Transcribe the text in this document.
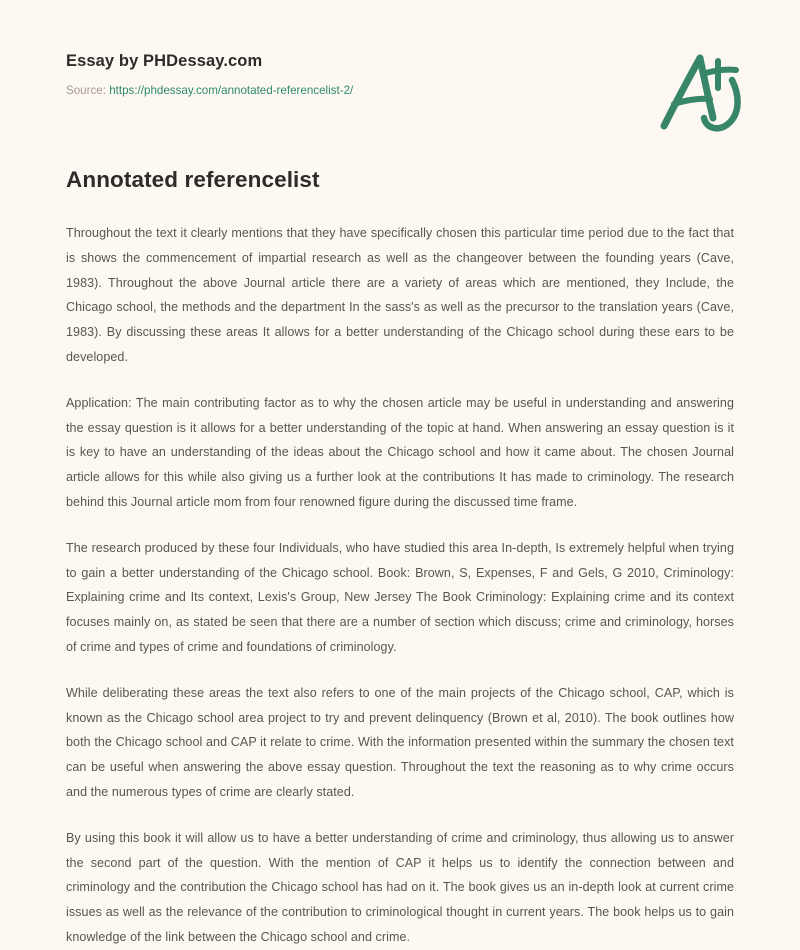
Essay by PHDessay.com
Source: https://phdessay.com/annotated-referencelist-2/
Annotated referencelist

Throughout the text it clearly mentions that they have specifically chosen this particular time period due to the fact that is shows the commencement of impartial research as well as the changeover between the founding years (Cave, 1983). Throughout the above Journal article there are a variety of areas which are mentioned, they Include, the Chicago school, the methods and the department In the sass's as well as the precursor to the translation years (Cave, 1983). By discussing these areas It allows for a better understanding of the Chicago school during these ears to be developed.

Application: The main contributing factor as to why the chosen article may be useful in understanding and answering the essay question is it allows for a better understanding of the topic at hand. When answering an essay question is it is key to have an understanding of the ideas about the Chicago school and how it came about. The chosen Journal article allows for this while also giving us a further look at the contributions It has made to criminology. The research behind this Journal article mom from four renowned figure during the discussed time frame.

The research produced by these four Individuals, who have studied this area In-depth, Is extremely helpful when trying to gain a better understanding of the Chicago school. Book: Brown, S, Expenses, F and Gels, G 2010, Criminology: Explaining crime and Its context, Lexis's Group, New Jersey The Book Criminology: Explaining crime and its context focuses mainly on, as stated be seen that there are a number of section which discuss; crime and criminology, horses of crime and types of crime and foundations of criminology.

While deliberating these areas the text also refers to one of the main projects of the Chicago school, CAP, which is known as the Chicago school area project to try and prevent delinquency (Brown et al, 2010). The book outlines how both the Chicago school and CAP it relate to crime. With the information presented within the summary the chosen text can be useful when answering the above essay question. Throughout the text the reasoning as to why crime occurs and the numerous types of crime are clearly stated.

By using this book it will allow us to have a better understanding of crime and criminology, thus allowing us to answer the second part of the question. With the mention of CAP it helps us to identify the connection between and criminology and the contribution the Chicago school has had on it. The book gives us an in-depth look at current crime issues as well as the relevance of the contribution to criminological thought in current years. The book helps us to gain knowledge of the link between the Chicago school and crime.
